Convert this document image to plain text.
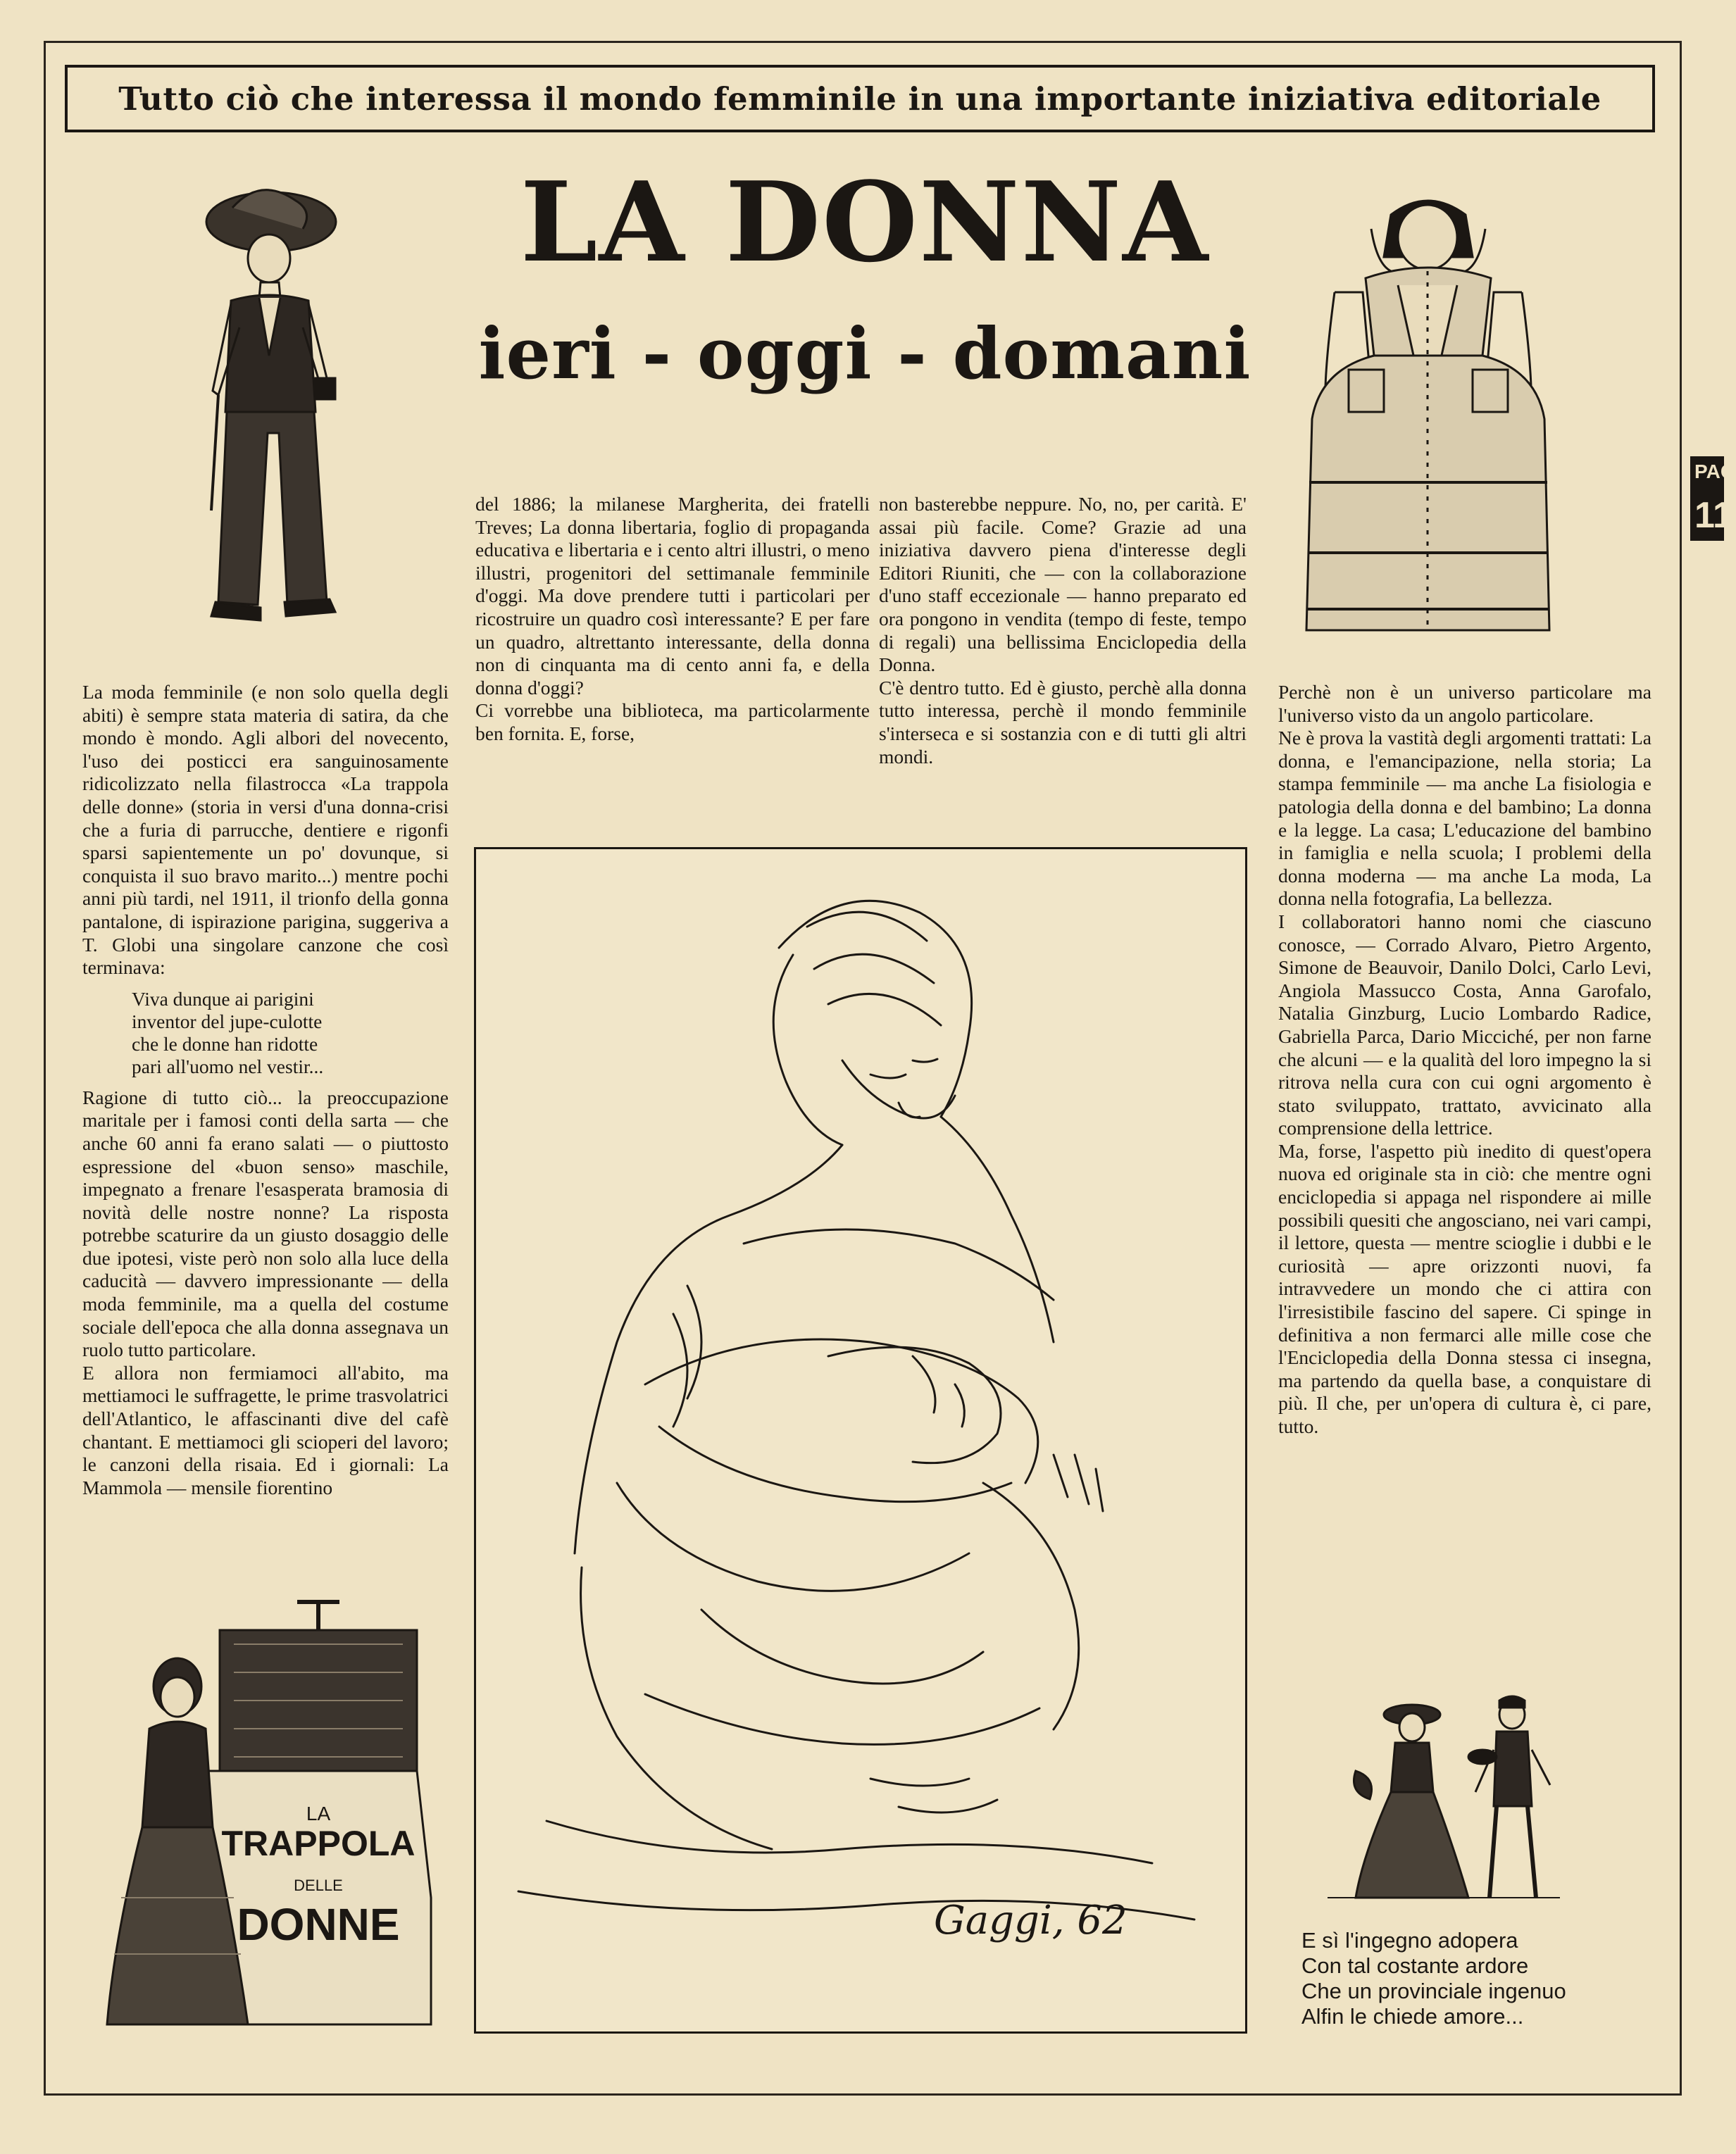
Tutto ciò che interessa il mondo femminile in una importante iniziativa editoriale
LA DONNA
ieri - oggi - domani

La moda femminile (e non solo quella degli abiti) è sempre stata materia di satira, da che mondo è mondo. Agli albori del novecento, l'uso dei posticci era sanguinosamente ridicolizzato nella filastrocca «La trappola delle donne» (storia in versi d'una donna-crisi che a furia di parrucche, dentiere e rigonfi sparsi sapientemente un po' dovunque, si conquista il suo bravo marito...) mentre pochi anni più tardi, nel 1911, il trionfo della gonna pantalone, di ispirazione parigina, suggeriva a T. Globi una singolare canzone che così terminava:

Viva dunque ai parigini
inventor del jupe-culotte
che le donne han ridotte
pari all'uomo nel vestir...

Ragione di tutto ciò... la preoccupazione maritale per i famosi conti della sarta — che anche 60 anni fa erano salati — o piuttosto espressione del «buon senso» maschile, impegnato a frenare l'esasperata bramosia di novità delle nostre nonne? La risposta potrebbe scaturire da un giusto dosaggio delle due ipotesi, viste però non solo alla luce della caducità — davvero impressionante — della moda femminile, ma a quella del costume sociale dell'epoca che alla donna assegnava un ruolo tutto particolare.

E allora non fermiamoci all'abito, ma mettiamoci le suffragette, le prime trasvolatrici dell'Atlantico, le affascinanti dive del cafè chantant. E mettiamoci gli scioperi del lavoro; le canzoni della risaia. Ed i giornali: La Mammola — mensile fiorentino

del 1886; la milanese Margherita, dei fratelli Treves; La donna libertaria, foglio di propaganda educativa e libertaria e i cento altri illustri, o meno illustri, progenitori del settimanale femminile d'oggi. Ma dove prendere tutti i particolari per ricostruire un quadro così interessante? E per fare un quadro, altrettanto interessante, della donna non di cinquanta ma di cento anni fa, e della donna d'oggi?

Ci vorrebbe una biblioteca, ma particolarmente ben fornita. E, forse,

non basterebbe neppure. No, no, per carità. E' assai più facile. Come? Grazie ad una iniziativa davvero piena d'interesse degli Editori Riuniti, che — con la collaborazione d'uno staff eccezionale — hanno preparato ed ora pongono in vendita (tempo di feste, tempo di regali) una bellissima Enciclopedia della Donna.

C'è dentro tutto. Ed è giusto, perchè alla donna tutto interessa, perchè il mondo femminile s'interseca e si sostanzia con e di tutti gli altri mondi.

Perchè non è un universo particolare ma l'universo visto da un angolo particolare.

Ne è prova la vastità degli argomenti trattati: La donna, e l'emancipazione, nella storia; La stampa femminile — ma anche La fisiologia e patologia della donna e del bambino; La donna e la legge. La casa; L'educazione del bambino in famiglia e nella scuola; I problemi della donna moderna — ma anche La moda, La donna nella fotografia, La bellezza.

I collaboratori hanno nomi che ciascuno conosce, — Corrado Alvaro, Pietro Argento, Simone de Beauvoir, Danilo Dolci, Carlo Levi, Angiola Massucco Costa, Anna Garofalo, Natalia Ginzburg, Lucio Lombardo Radice, Gabriella Parca, Dario Micciché, per non farne che alcuni — e la qualità del loro impegno la si ritrova nella cura con cui ogni argomento è stato sviluppato, trattato, avvicinato alla comprensione della lettrice.

Ma, forse, l'aspetto più inedito di quest'opera nuova ed originale sta in ciò: che mentre ogni enciclopedia si appaga nel rispondere ai mille possibili quesiti che angosciano, nei vari campi, il lettore, questa — mentre scioglie i dubbi e le curiosità — apre orizzonti nuovi, fa intravvedere un mondo che ci attira con l'irresistibile fascino del sapere. Ci spinge in definitiva a non fermarci alle mille cose che l'Enciclopedia della Donna stessa ci insegna, ma partendo da quella base, a conquistare di più. Il che, per un'opera di cultura è, ci pare, tutto.

Gaggi, 62
LA
TRAPPOLA
DELLE
DONNE	E sì l'ingegno adopera
Con tal costante ardore
Che un provinciale ingenuo
Alfin le chiede amore...
PAG
11
